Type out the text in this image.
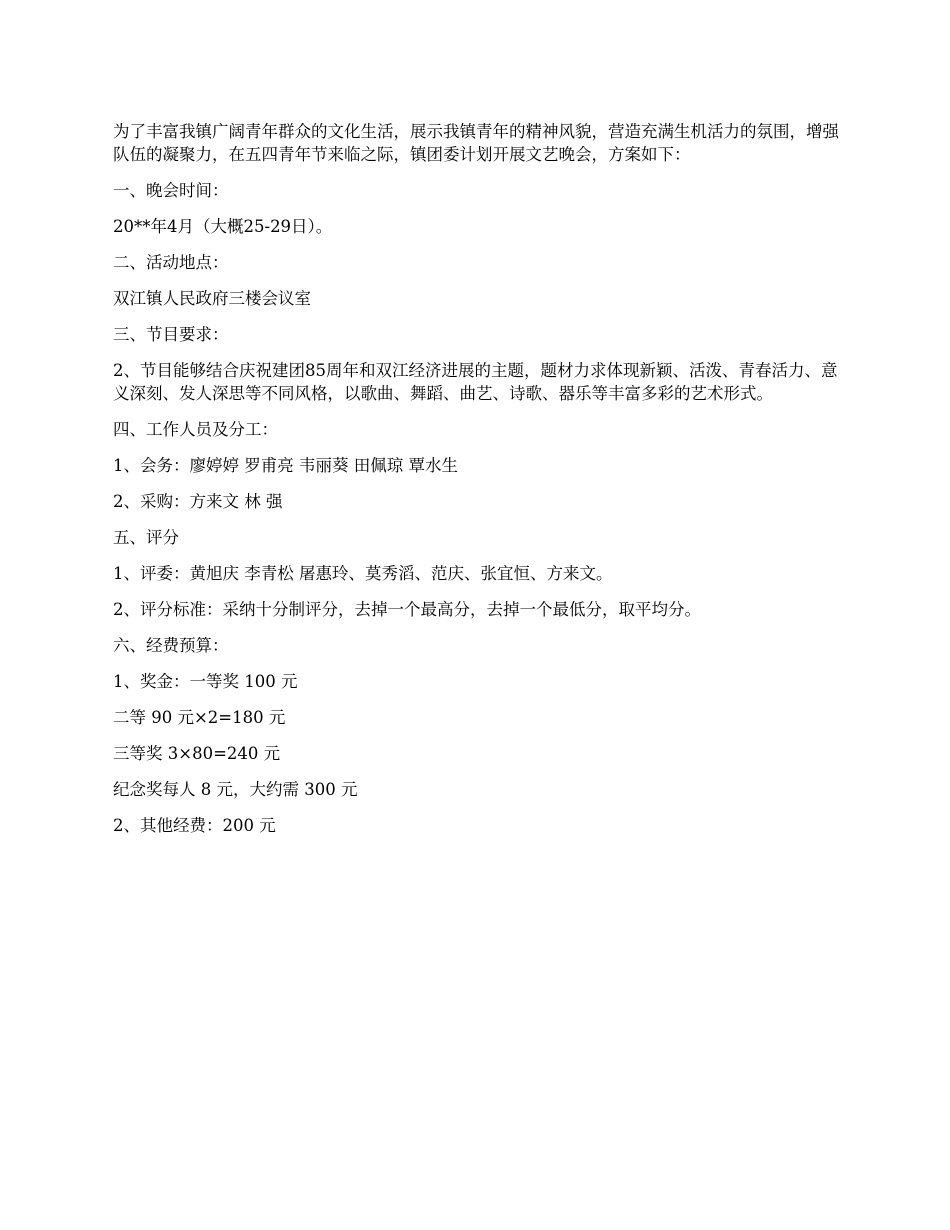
为了丰富我镇广阔青年群众的文化生活，展示我镇青年的精神风貌，营造充满生机活力的氛围，增强队伍的凝聚力，在五四青年节来临之际，镇团委计划开展文艺晚会，方案如下：

一、晚会时间：

20**年4月（大概25-29日）。

二、活动地点：

双江镇人民政府三楼会议室

三、节目要求：

2、节目能够结合庆祝建团85周年和双江经济进展的主题，题材力求体现新颖、活泼、青春活力、意义深刻、发人深思等不同风格，以歌曲、舞蹈、曲艺、诗歌、器乐等丰富多彩的艺术形式。

四、工作人员及分工：

1、会务：廖婷婷 罗甫亮 韦丽葵 田佩琼 覃水生

2、采购：方来文 林 强

五、评分

1、评委：黄旭庆 李青松 屠惠玲、莫秀滔、范庆、张宜恒、方来文。

2、评分标准：采纳十分制评分，去掉一个最高分，去掉一个最低分，取平均分。

六、经费预算：

1、奖金：一等奖 100 元

二等 90 元×2=180 元

三等奖 3×80=240 元

纪念奖每人 8 元，大约需 300 元

2、其他经费：200 元
